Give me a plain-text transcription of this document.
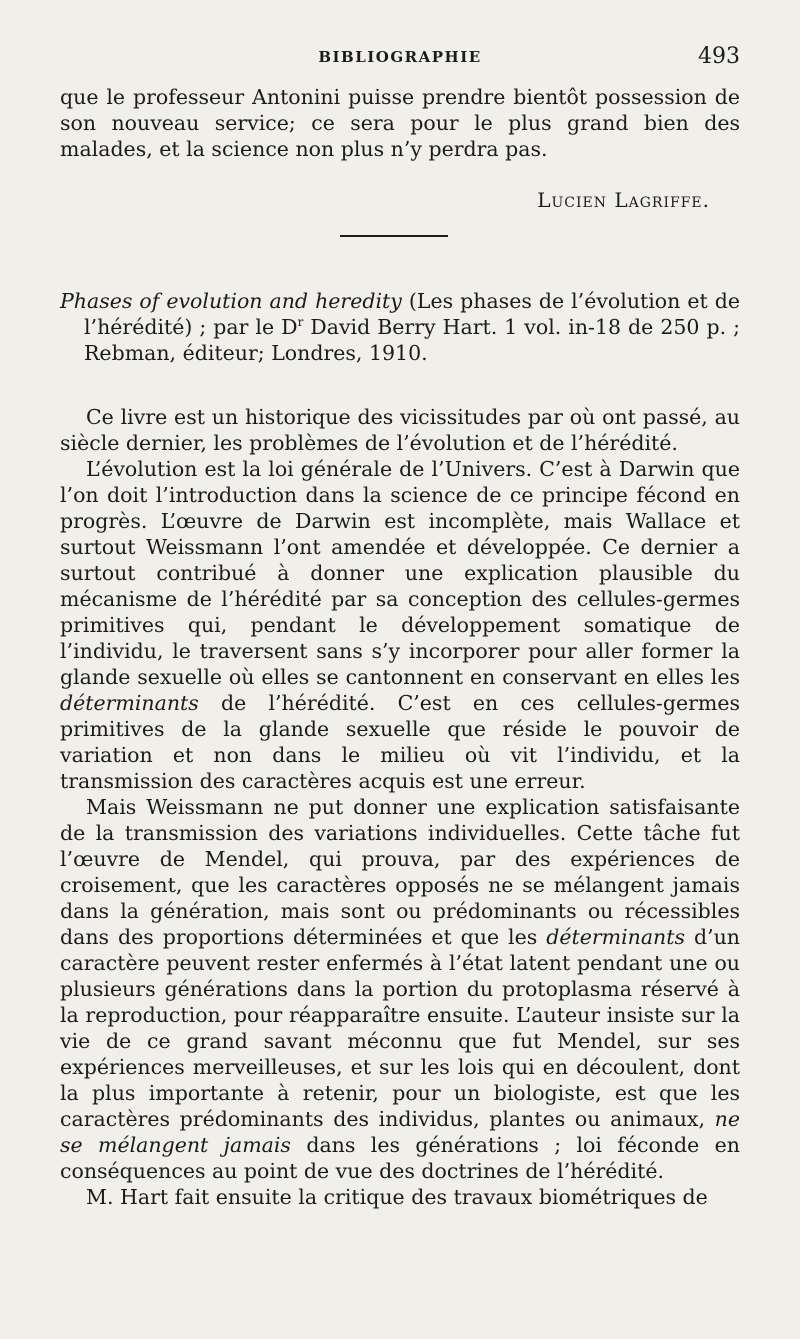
BIBLIOGRAPHIE	493
que le professeur Antonini puisse prendre bientôt possession de son nouveau service; ce sera pour le plus grand bien des malades, et la science non plus n’y perdra pas.
Lucien Lagriffe.

Phases of evolution and heredity (Les phases de l’évolution et de l’hérédité) ; par le $D^r$ David Berry Hart. 1 vol. in-18 de 250 p. ; Rebman, éditeur; Londres, 1910.

Ce livre est un historique des vicissitudes par où ont passé, au siècle dernier, les problèmes de l’évolution et de l’hérédité.

L’évolution est la loi générale de l’Univers. C’est à Darwin que l’on doit l’introduction dans la science de ce principe fécond en progrès. L’œuvre de Darwin est incomplète, mais Wallace et surtout Weissmann l’ont amendée et développée. Ce dernier a surtout contribué à donner une explication plausible du mécanisme de l’hérédité par sa conception des cellules-germes primitives qui, pendant le développement somatique de l’individu, le traversent sans s’y incorporer pour aller former la glande sexuelle où elles se cantonnent en conservant en elles les déterminants de l’hérédité. C’est en ces cellules-germes primitives de la glande sexuelle que réside le pouvoir de variation et non dans le milieu où vit l’individu, et la transmission des caractères acquis est une erreur.

Mais Weissmann ne put donner une explication satisfaisante de la transmission des variations individuelles. Cette tâche fut l’œuvre de Mendel, qui prouva, par des expériences de croisement, que les caractères opposés ne se mélangent jamais dans la génération, mais sont ou prédominants ou récessibles dans des proportions déterminées et que les déterminants d’un caractère peuvent rester enfermés à l’état latent pendant une ou plusieurs générations dans la portion du protoplasma réservé à la reproduction, pour réapparaître ensuite. L’auteur insiste sur la vie de ce grand savant méconnu que fut Mendel, sur ses expériences merveilleuses, et sur les lois qui en découlent, dont la plus importante à retenir, pour un biologiste, est que les caractères prédominants des individus, plantes ou animaux, ne se mélangent jamais dans les générations ; loi féconde en conséquences au point de vue des doctrines de l’hérédité.

M. Hart fait ensuite la critique des travaux biométriques de
